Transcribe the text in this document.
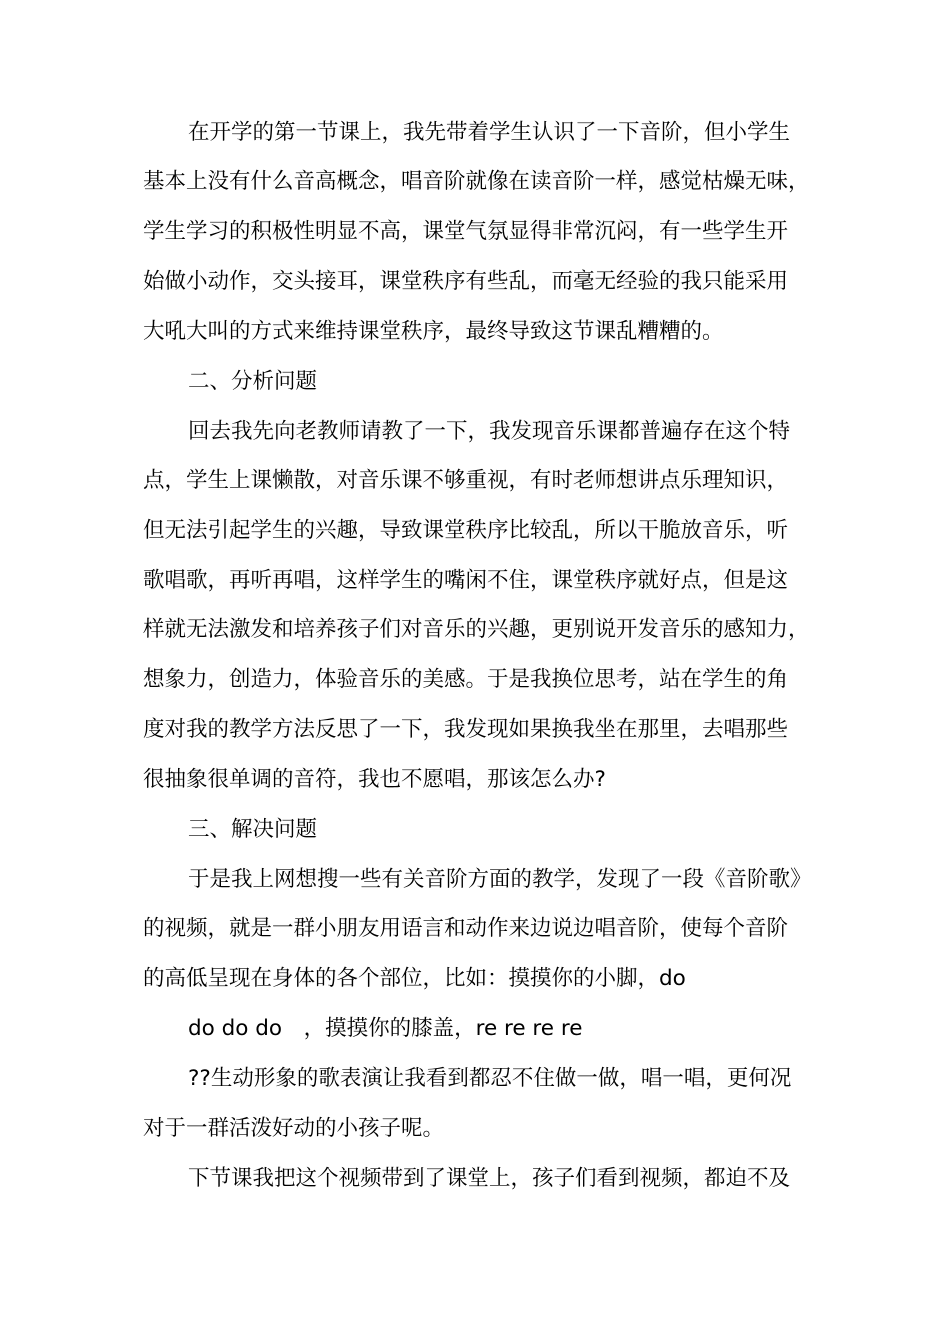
在开学的第一节课上，我先带着学生认识了一下音阶，但小学生
基本上没有什么音高概念，唱音阶就像在读音阶一样，感觉枯燥无味，
学生学习的积极性明显不高，课堂气氛显得非常沉闷，有一些学生开
始做小动作，交头接耳，课堂秩序有些乱，而毫无经验的我只能采用
大吼大叫的方式来维持课堂秩序，最终导致这节课乱糟糟的。
二、分析问题
回去我先向老教师请教了一下，我发现音乐课都普遍存在这个特
点，学生上课懒散，对音乐课不够重视，有时老师想讲点乐理知识，
但无法引起学生的兴趣，导致课堂秩序比较乱，所以干脆放音乐，听
歌唱歌，再听再唱，这样学生的嘴闲不住，课堂秩序就好点，但是这
样就无法激发和培养孩子们对音乐的兴趣，更别说开发音乐的感知力，
想象力，创造力，体验音乐的美感。于是我换位思考，站在学生的角
度对我的教学方法反思了一下，我发现如果换我坐在那里，去唱那些
很抽象很单调的音符，我也不愿唱，那该怎么办?
三、解决问题
于是我上网想搜一些有关音阶方面的教学，发现了一段《音阶歌》
的视频，就是一群小朋友用语言和动作来边说边唱音阶，使每个音阶
的高低呈现在身体的各个部位，比如：摸摸你的小脚，do
do do do　，摸摸你的膝盖，re re re re
??生动形象的歌表演让我看到都忍不住做一做，唱一唱，更何况
对于一群活泼好动的小孩子呢。
下节课我把这个视频带到了课堂上，孩子们看到视频，都迫不及
